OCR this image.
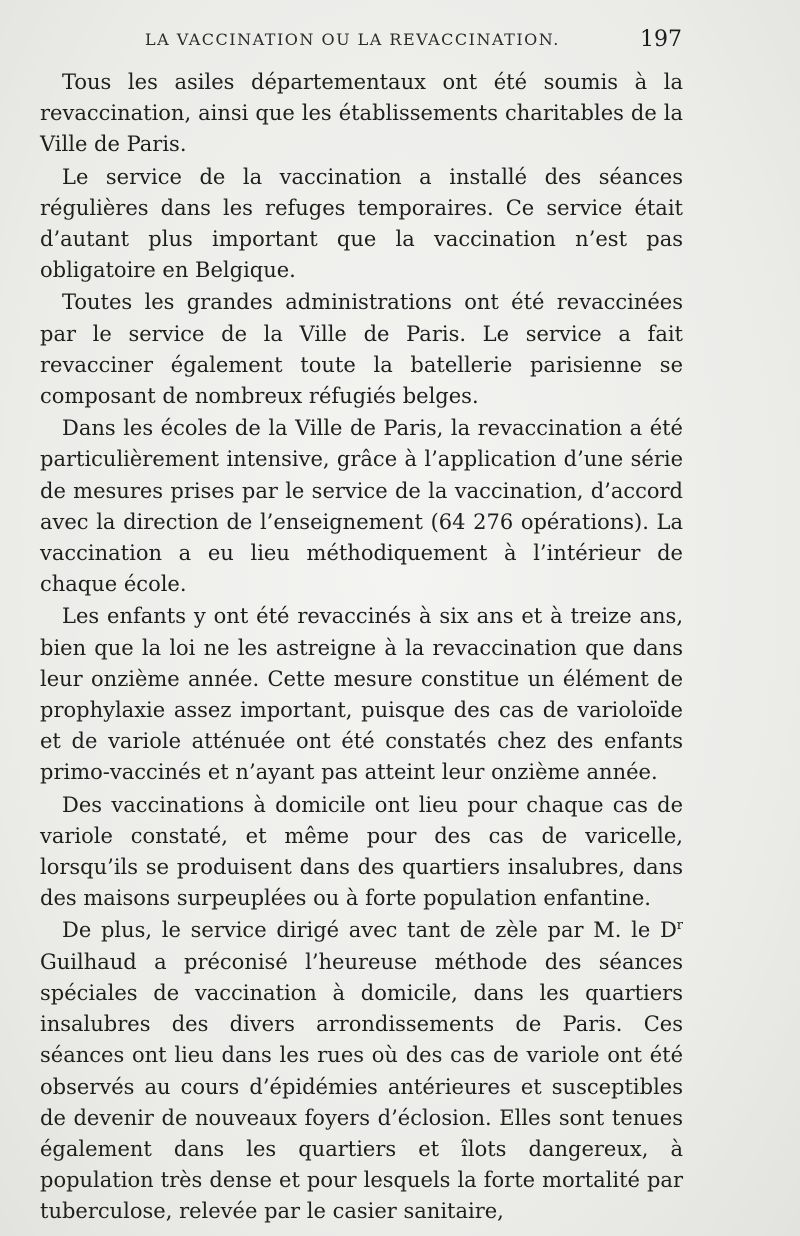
LA VACCINATION OU LA REVACCINATION.	197

Tous les asiles départementaux ont été soumis à la revaccination, ainsi que les établissements charitables de la Ville de Paris.

Le service de la vaccination a installé des séances régulières dans les refuges temporaires. Ce service était d’autant plus important que la vaccination n’est pas obligatoire en Belgique.

Toutes les grandes administrations ont été revaccinées par le service de la Ville de Paris. Le service a fait revacciner également toute la batellerie parisienne se composant de nombreux réfugiés belges.

Dans les écoles de la Ville de Paris, la revaccination a été particulièrement intensive, grâce à l’application d’une série de mesures prises par le service de la vaccination, d’accord avec la direction de l’enseignement (64 276 opérations). La vaccination a eu lieu méthodiquement à l’intérieur de chaque école.

Les enfants y ont été revaccinés à six ans et à treize ans, bien que la loi ne les astreigne à la revaccination que dans leur onzième année. Cette mesure constitue un élément de prophylaxie assez important, puisque des cas de varioloïde et de variole atténuée ont été constatés chez des enfants primo-vaccinés et n’ayant pas atteint leur onzième année.

Des vaccinations à domicile ont lieu pour chaque cas de variole constaté, et même pour des cas de varicelle, lorsqu’ils se produisent dans des quartiers insalubres, dans des maisons surpeuplées ou à forte population enfantine.

De plus, le service dirigé avec tant de zèle par M. le $D^r$ Guilhaud a préconisé l’heureuse méthode des séances spéciales de vaccination à domicile, dans les quartiers insalubres des divers arrondissements de Paris. Ces séances ont lieu dans les rues où des cas de variole ont été observés au cours d’épidémies antérieures et susceptibles de devenir de nouveaux foyers d’éclosion. Elles sont tenues également dans les quartiers et îlots dangereux, à population très dense et pour lesquels la forte mortalité par tuberculose, relevée par le casier sanitaire,
